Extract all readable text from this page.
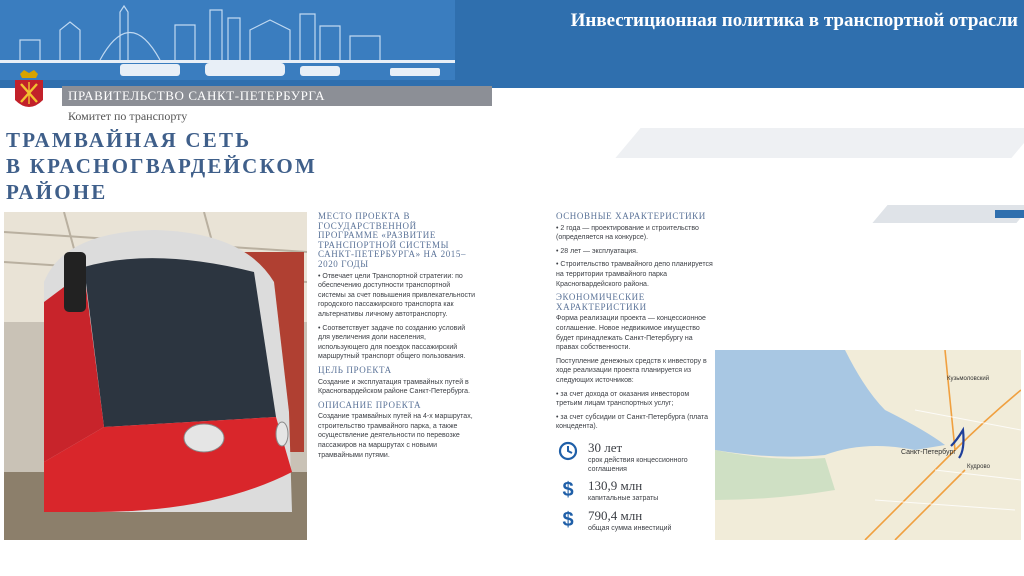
Инвестиционная политика в транспортной отрасли
ПРАВИТЕЛЬСТВО САНКТ-ПЕТЕРБУРГА
Комитет по транспорту
ТРАМВАЙНАЯ СЕТЬ
В КРАСНОГВАРДЕЙСКОМ
РАЙОНЕ
МЕСТО ПРОЕКТА В ГОСУДАРСТВЕННОЙ ПРОГРАММЕ «РАЗВИТИЕ ТРАНСПОРТНОЙ СИСТЕМЫ САНКТ-ПЕТЕРБУРГА» НА 2015–2020 ГОДЫ
• Отвечает цели Транспортной стратегии: по обеспечению доступности транспортной системы за счет повышения привлекательности городского пассажирского транспорта как альтернативы личному автотранспорту.
• Соответствует задаче по созданию условий для увеличения доли населения, использующего для поездок пассажирский маршрутный транспорт общего пользования.
ЦЕЛЬ ПРОЕКТА
Создание и эксплуатация трамвайных путей в Красногвардейском районе Санкт-Петербурга.
ОПИСАНИЕ ПРОЕКТА
Создание трамвайных путей на 4-х маршрутах, строительство трамвайного парка, а также осуществление деятельности по перевозке пассажиров на маршрутах с новыми трамвайными путями.
ОСНОВНЫЕ ХАРАКТЕРИСТИКИ
• 2 года — проектирование и строительство (определяется на конкурсе).
• 28 лет — эксплуатация.
• Строительство трамвайного депо планируется на территории трамвайного парка Красногвардейского района.
ЭКОНОМИЧЕСКИЕ ХАРАКТЕРИСТИКИ
Форма реализации проекта — концессионное соглашение. Новое недвижимое имущество будет принадлежать Санкт-Петербургу на правах собственности.
Поступление денежных средств к инвестору в ходе реализации проекта планируется из следующих источников:
• за счет дохода от оказания инвестором третьим лицам транспортных услуг;
• за счет субсидии от Санкт-Петербурга (плата концедента).
30 лет
срок действия концессионного соглашения
$ 130,9 млн
капитальные затраты
$ 790,4 млн
общая сумма инвестиций
Санкт-Петербург
Кудрово
Кузьмоловский
